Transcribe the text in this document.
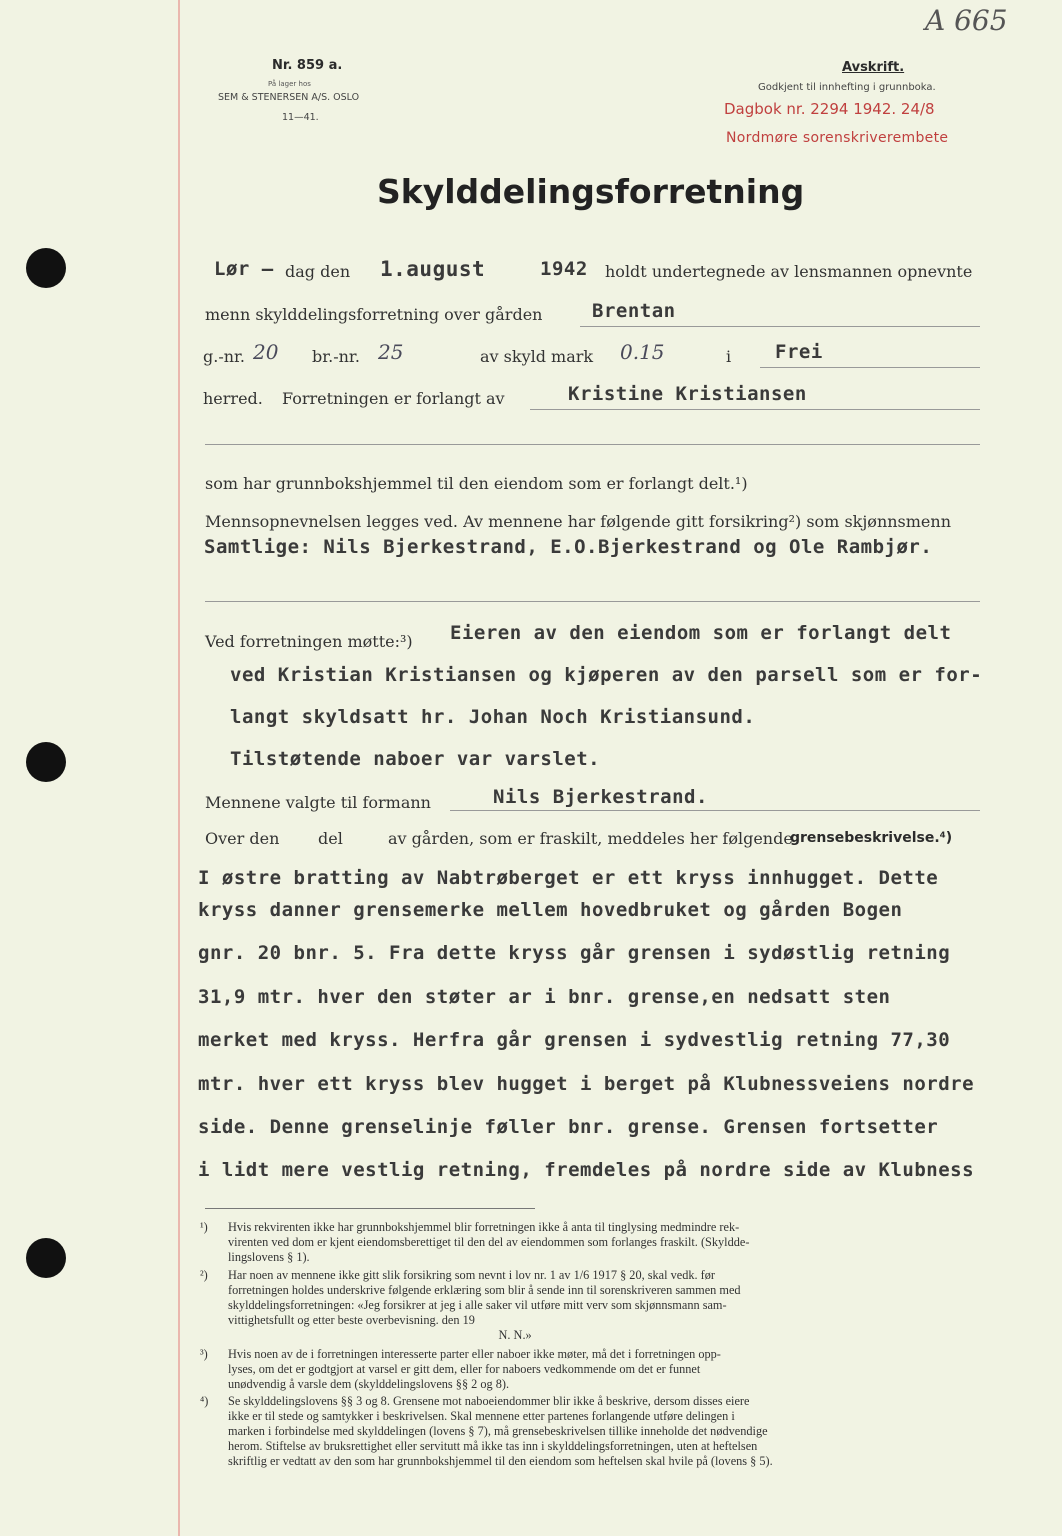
Nr. 859 a.
På lager hos
SEM & STENERSEN A/S. OSLO
11—41.
A 665
Avskrift.
Godkjent til innhefting i grunnboka.
Dagbok nr. 2294 1942. 24/8
Nordmøre sorenskriverembete
Skylddelingsforretning
Lør — dag den 1.august	1942 holdt undertegnede av lensmannen opnevnte
menn skylddelingsforretning over gården	Brentan
g.-nr. 20 br.-nr. 25	av skyld mark 0.15	i Frei
herred. Forretningen er forlangt av	Kristine Kristiansen
som har grunnbokshjemmel til den eiendom som er forlangt delt.¹)
Mennsopnevnelsen legges ved. Av mennene har følgende gitt forsikring²) som skjønnsmenn
Samtlige: Nils Bjerkestrand, E.O.Bjerkestrand og Ole Rambjør.
Ved forretningen møtte:³) Eieren av den eiendom som er forlangt delt
ved Kristian Kristiansen og kjøperen av den parsell som er for-
langt skyldsatt hr. Johan Noch Kristiansund.
Tilstøtende naboer var varslet.
Mennene valgte til formann	Nils Bjerkestrand.
Over den del	av gården, som er fraskilt, meddeles her følgende
grensebeskrivelse.⁴)
I østre bratting av Nabtrøberget er ett kryss innhugget. Dette
kryss danner grensemerke mellem hovedbruket og gården Bogen
gnr. 20 bnr. 5. Fra dette kryss går grensen i sydøstlig retning
31,9 mtr. hver den støter ar i bnr. grense,en nedsatt sten
merket med kryss. Herfra går grensen i sydvestlig retning 77,30
mtr. hver ett kryss blev hugget i berget på Klubnessveiens nordre
side. Denne grenselinje føller bnr. grense. Grensen fortsetter
i lidt mere vestlig retning, fremdeles på nordre side av Klubness
¹) Hvis rekvirenten ikke har grunnbokshjemmel blir forretningen ikke å anta til tinglysing medmindre rek-
virenten ved dom er kjent eiendomsberettiget til den del av eiendommen som forlanges fraskilt. (Skyldde-
lingslovens § 1).
²) Har noen av mennene ikke gitt slik forsikring som nevnt i lov nr. 1 av 1/6 1917 § 20, skal vedk. før
forretningen holdes underskrive følgende erklæring som blir å sende inn til sorenskriveren sammen med
skylddelingsforretningen: «Jeg forsikrer at jeg i alle saker vil utføre mitt verv som skjønnsmann sam-
vittighetsfullt og etter beste overbevisning. den 19
N. N.»
³) Hvis noen av de i forretningen interesserte parter eller naboer ikke møter, må det i forretningen opp-
lyses, om det er godtgjort at varsel er gitt dem, eller for naboers vedkommende om det er funnet
unødvendig å varsle dem (skylddelingslovens §§ 2 og 8).
⁴) Se skylddelingslovens §§ 3 og 8. Grensene mot naboeiendommer blir ikke å beskrive, dersom disses eiere
ikke er til stede og samtykker i beskrivelsen. Skal mennene etter partenes forlangende utføre delingen i
marken i forbindelse med skylddelingen (lovens § 7), må grensebeskrivelsen tillike inneholde det nødvendige
herom. Stiftelse av bruksrettighet eller servitutt må ikke tas inn i skylddelingsforretningen, uten at heftelsen
skriftlig er vedtatt av den som har grunnbokshjemmel til den eiendom som heftelsen skal hvile på (lovens § 5).
